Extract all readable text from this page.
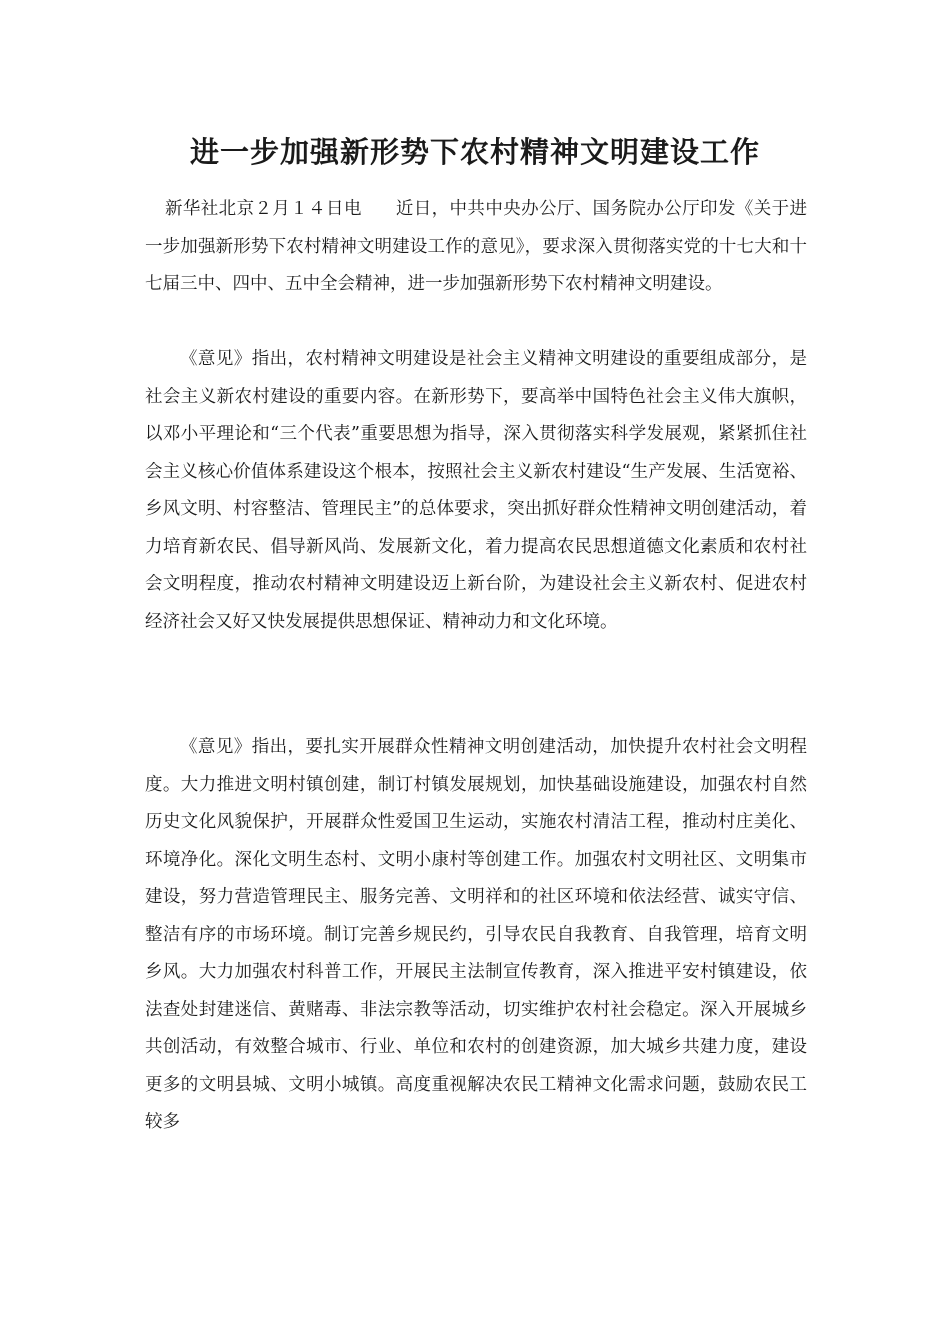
进一步加强新形势下农村精神文明建设工作

新华社北京２月１４日电 近日，中共中央办公厅、国务院办公厅印发《关于进一步加强新形势下农村精神文明建设工作的意见》，要求深入贯彻落实党的十七大和十七届三中、四中、五中全会精神，进一步加强新形势下农村精神文明建设。

《意见》指出，农村精神文明建设是社会主义精神文明建设的重要组成部分，是社会主义新农村建设的重要内容。在新形势下，要高举中国特色社会主义伟大旗帜，以邓小平理论和“三个代表”重要思想为指导，深入贯彻落实科学发展观，紧紧抓住社会主义核心价值体系建设这个根本，按照社会主义新农村建设“生产发展、生活宽裕、乡风文明、村容整洁、管理民主”的总体要求，突出抓好群众性精神文明创建活动，着力培育新农民、倡导新风尚、发展新文化，着力提高农民思想道德文化素质和农村社会文明程度，推动农村精神文明建设迈上新台阶，为建设社会主义新农村、促进农村经济社会又好又快发展提供思想保证、精神动力和文化环境。

《意见》指出，要扎实开展群众性精神文明创建活动，加快提升农村社会文明程度。大力推进文明村镇创建，制订村镇发展规划，加快基础设施建设，加强农村自然历史文化风貌保护，开展群众性爱国卫生运动，实施农村清洁工程，推动村庄美化、环境净化。深化文明生态村、文明小康村等创建工作。加强农村文明社区、文明集市建设，努力营造管理民主、服务完善、文明祥和的社区环境和依法经营、诚实守信、整洁有序的市场环境。制订完善乡规民约，引导农民自我教育、自我管理，培育文明乡风。大力加强农村科普工作，开展民主法制宣传教育，深入推进平安村镇建设，依法查处封建迷信、黄赌毒、非法宗教等活动，切实维护农村社会稳定。深入开展城乡共创活动，有效整合城市、行业、单位和农村的创建资源，加大城乡共建力度，建设更多的文明县城、文明小城镇。高度重视解决农民工精神文化需求问题，鼓励农民工较多
